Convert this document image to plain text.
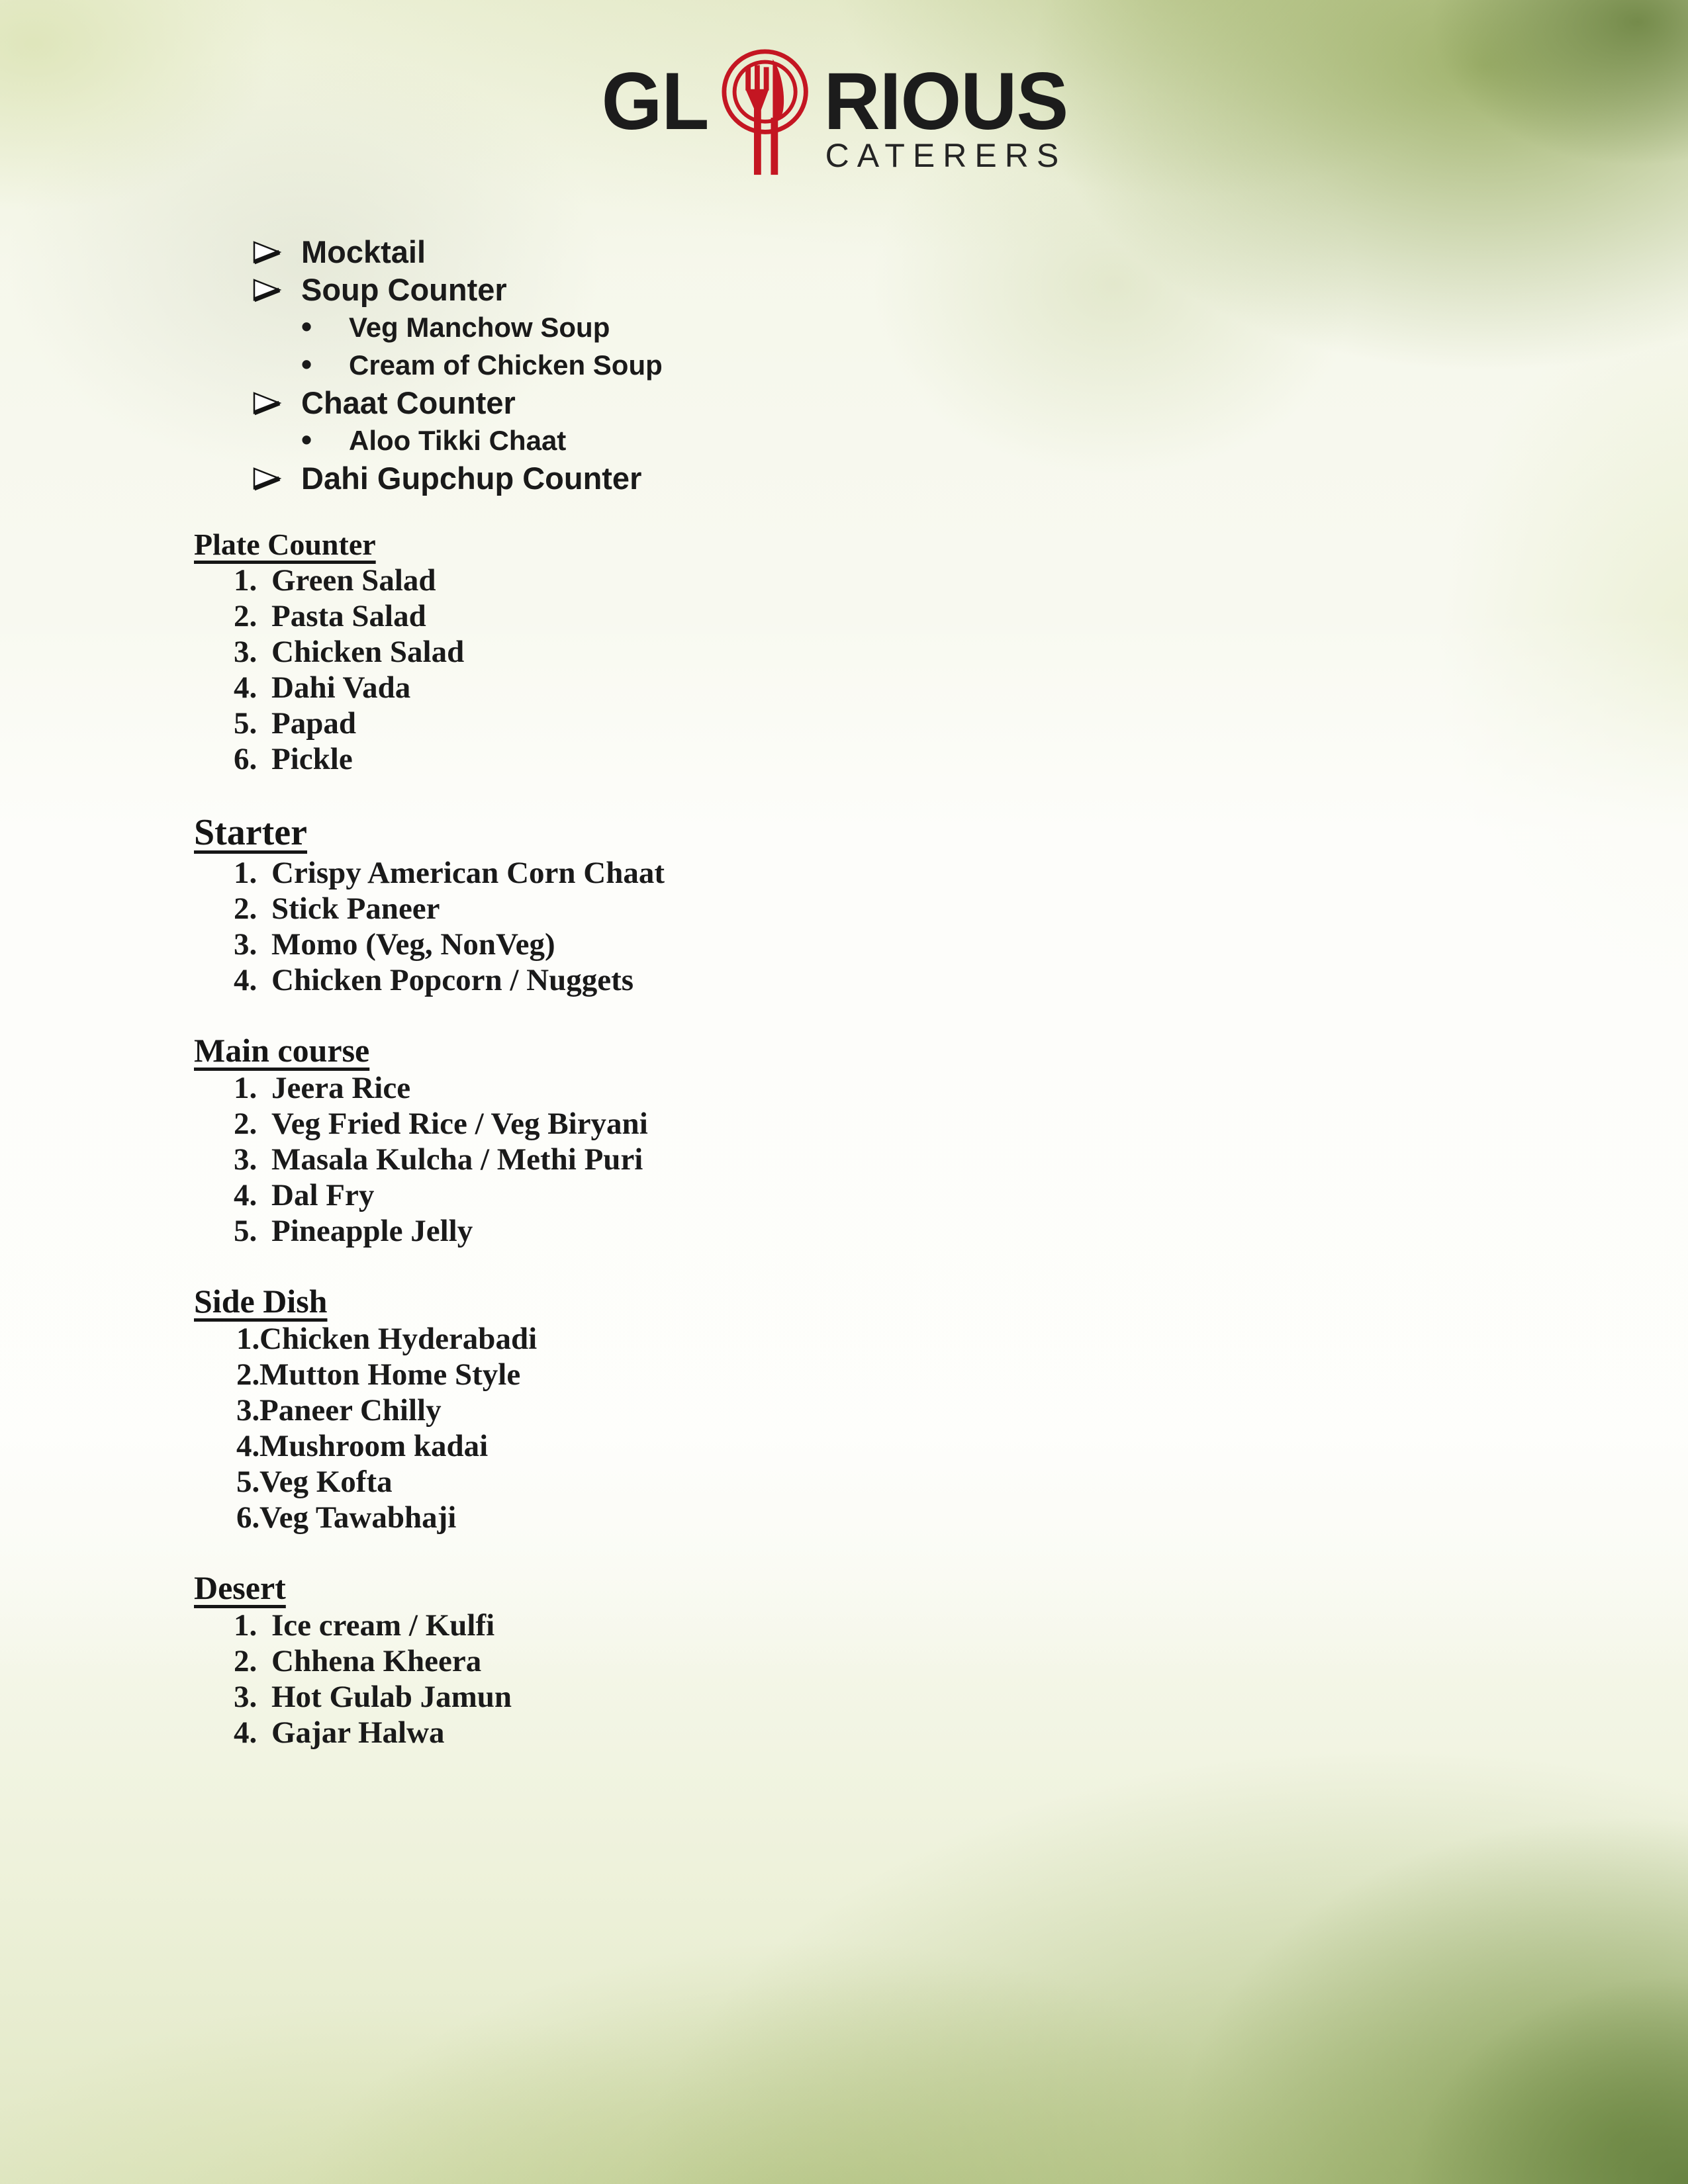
GL RIOUS
CATERERS
Mocktail
Soup Counter
•	Veg Manchow Soup
•	Cream of Chicken Soup
Chaat Counter
•	Aloo Tikki Chaat
Dahi Gupchup Counter
Plate Counter
1. Green Salad
2. Pasta Salad
3. Chicken Salad
4. Dahi Vada
5. Papad
6. Pickle
Starter
1. Crispy American Corn Chaat
2. Stick Paneer
3. Momo (Veg, NonVeg)
4. Chicken Popcorn / Nuggets
Main course
1. Jeera Rice
2. Veg Fried Rice / Veg Biryani
3. Masala Kulcha / Methi Puri
4. Dal Fry
5. Pineapple Jelly
Side Dish
1. Chicken Hyderabadi
2. Mutton Home Style
3. Paneer Chilly
4. Mushroom kadai
5. Veg Kofta
6. Veg Tawabhaji
Desert
1. Ice cream / Kulfi
2. Chhena Kheera
3. Hot Gulab Jamun
4. Gajar Halwa
